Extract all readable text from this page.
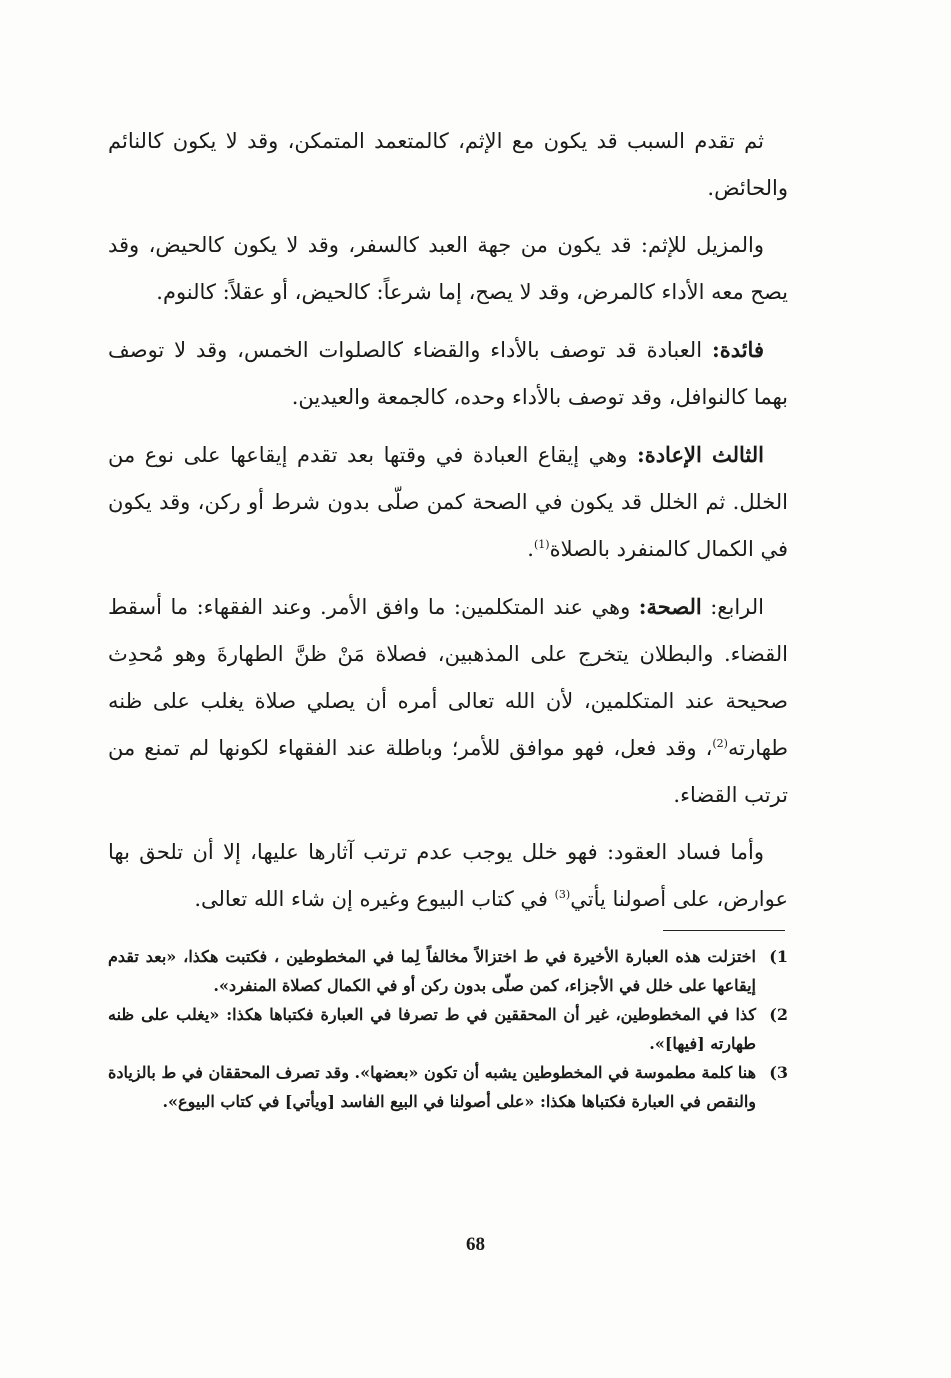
ثم تقدم السبب قد يكون مع الإثم، كالمتعمد المتمكن، وقد لا يكون كالنائم والحائض.

والمزيل للإثم: قد يكون من جهة العبد كالسفر، وقد لا يكون كالحيض، وقد يصح معه الأداء كالمرض، وقد لا يصح، إما شرعاً: كالحيض، أو عقلاً: كالنوم.

فائدة: العبادة قد توصف بالأداء والقضاء كالصلوات الخمس، وقد لا توصف بهما كالنوافل، وقد توصف بالأداء وحده، كالجمعة والعيدين.

الثالث الإعادة: وهي إيقاع العبادة في وقتها بعد تقدم إيقاعها على نوع من الخلل. ثم الخلل قد يكون في الصحة كمن صلّى بدون شرط أو ركن، وقد يكون في الكمال كالمنفرد بالصلاة$^{(1)}$.

الرابع: الصحة: وهي عند المتكلمين: ما وافق الأمر. وعند الفقهاء: ما أسقط القضاء. والبطلان يتخرج على المذهبين، فصلاة مَنْ ظنَّ الطهارةَ وهو مُحدِث صحيحة عند المتكلمين، لأن الله تعالى أمره أن يصلي صلاة يغلب على ظنه طهارته$^{(2)}$، وقد فعل، فهو موافق للأمر؛ وباطلة عند الفقهاء لكونها لم تمنع من ترتب القضاء.

وأما فساد العقود: فهو خلل يوجب عدم ترتب آثارها عليها، إلا أن تلحق بها عوارض، على أصولنا يأتي$^{(3)}$ في كتاب البيوع وغيره إن شاء الله تعالى.

1)
اختزلت هذه العبارة الأخيرة في ط اختزالاً مخالفاً لِما في المخطوطين ، فكتبت هكذا، «بعد تقدم إيقاعها على خلل في الأجزاء، كمن صلّى بدون ركن أو في الكمال كصلاة المنفرد».
2)
كذا في المخطوطين، غير أن المحققين في ط تصرفا في العبارة فكتباها هكذا: «يغلب على ظنه طهارته [فيها]».
3)
هنا كلمة مطموسة في المخطوطين يشبه أن تكون «بعضها». وقد تصرف المحققان في ط بالزيادة والنقص في العبارة فكتباها هكذا: «على أصولنا في البيع الفاسد [ويأتي] في كتاب البيوع».
68
